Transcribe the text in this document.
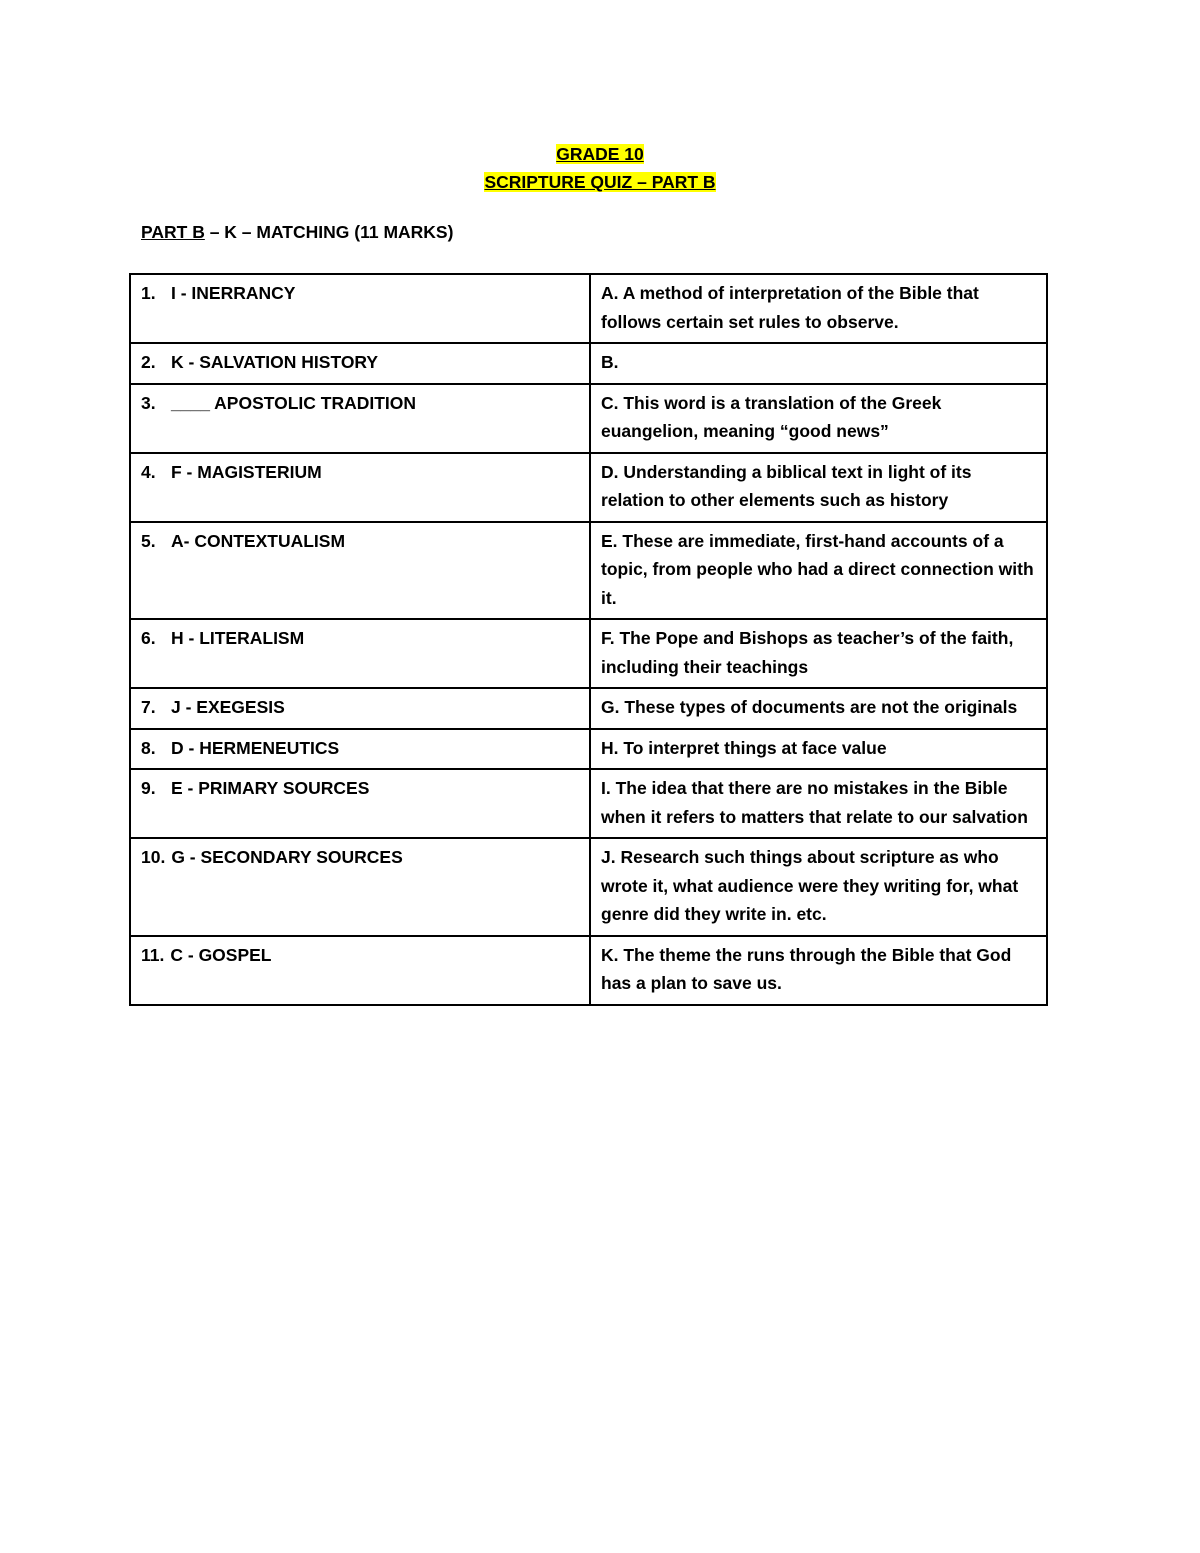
GRADE 10
SCRIPTURE QUIZ – PART B
PART B – K – MATCHING (11 MARKS)
1. I - INERRANCY	A. A method of interpretation of the Bible that follows certain set rules to observe.
2. K - SALVATION HISTORY	B.
3. ____ APOSTOLIC TRADITION	C. This word is a translation of the Greek euangelion, meaning “good news”
4. F - MAGISTERIUM	D. Understanding a biblical text in light of its relation to other elements such as history
5. A- CONTEXTUALISM	E. These are immediate, first-hand accounts of a topic, from people who had a direct connection with it.
6. H - LITERALISM	F. The Pope and Bishops as teacher’s of the faith, including their teachings
7. J - EXEGESIS	G. These types of documents are not the originals
8. D - HERMENEUTICS	H. To interpret things at face value
9. E - PRIMARY SOURCES	I. The idea that there are no mistakes in the Bible when it refers to matters that relate to our salvation
10. G - SECONDARY SOURCES	J. Research such things about scripture as who wrote it, what audience were they writing for, what genre did they write in. etc.
11. C - GOSPEL	K. The theme the runs through the Bible that God has a plan to save us.
